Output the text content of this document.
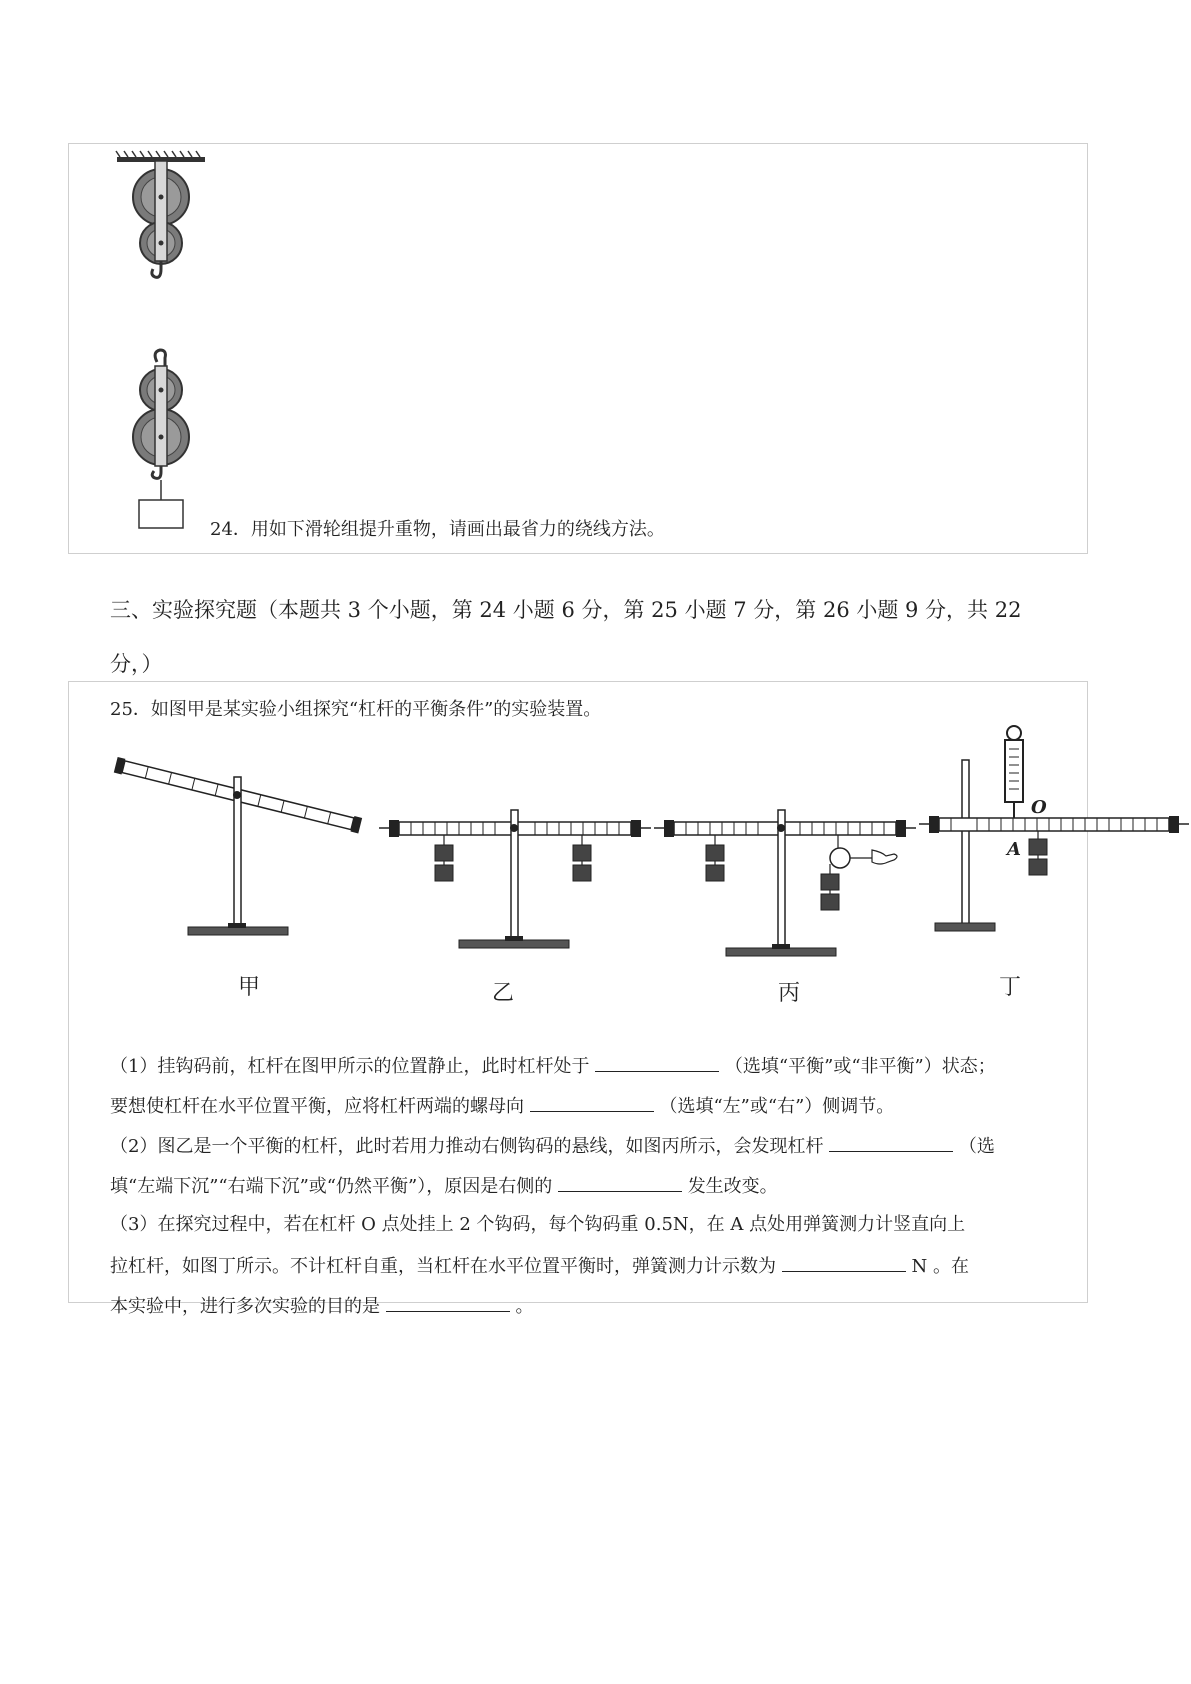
24．用如下滑轮组提升重物，请画出最省力的绕线方法。
三、实验探究题（本题共 3 个小题，第 24 小题 6 分，第 25 小题 7 分，第 26 小题 9 分，共 22
分，）
25．如图甲是某实验小组探究“杠杆的平衡条件”的实验装置。
O
A
甲	乙	丙	丁
（1）挂钩码前，杠杆在图甲所示的位置静止，此时杠杆处于	（选填“平衡”或“非平衡”）状态；
要想使杠杆在水平位置平衡，应将杠杆两端的螺母向	（选填“左”或“右”）侧调节。
（2）图乙是一个平衡的杠杆，此时若用力推动右侧钩码的悬线，如图丙所示，会发现杠杆	（选
填“左端下沉”“右端下沉”或“仍然平衡”），原因是右侧的	发生改变。
（3）在探究过程中，若在杠杆 O 点处挂上 2 个钩码，每个钩码重 0.5N，在 A 点处用弹簧测力计竖直向上
拉杠杆，如图丁所示。不计杠杆自重，当杠杆在水平位置平衡时，弹簧测力计示数为	N 。在
本实验中，进行多次实验的目的是	。
